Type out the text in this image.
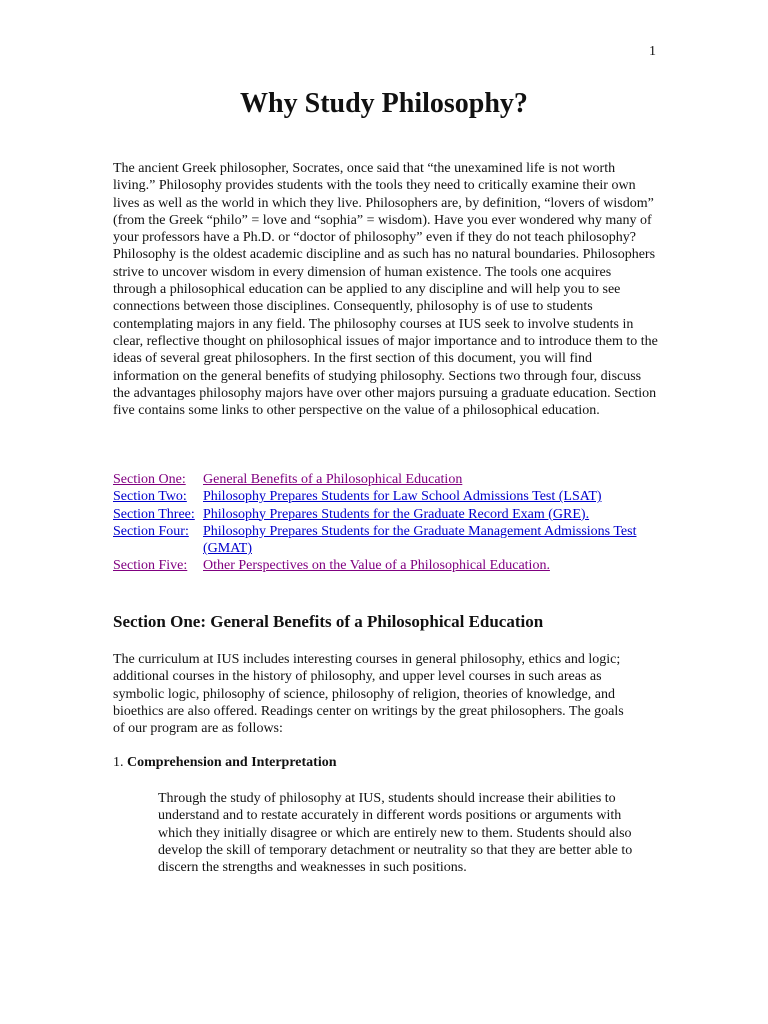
1
Why Study Philosophy?

The ancient Greek philosopher, Socrates, once said that “the unexamined life is not worth living.” Philosophy provides students with the tools they need to critically examine their own lives as well as the world in which they live. Philosophers are, by definition, “lovers of wisdom” (from the Greek “philo” = love and “sophia” = wisdom). Have you ever wondered why many of your professors have a Ph.D. or “doctor of philosophy” even if they do not teach philosophy? Philosophy is the oldest academic discipline and as such has no natural boundaries. Philosophers strive to uncover wisdom in every dimension of human existence. The tools one acquires through a philosophical education can be applied to any discipline and will help you to see connections between those disciplines. Consequently, philosophy is of use to students contemplating majors in any field. The philosophy courses at IUS seek to involve students in clear, reflective thought on philosophical issues of major importance and to introduce them to the ideas of several great philosophers. In the first section of this document, you will find information on the general benefits of studying philosophy. Sections two through four, discuss the advantages philosophy majors have over other majors pursuing a graduate education. Section five contains some links to other perspective on the value of a philosophical education.

Section One:	General Benefits of a Philosophical Education
Section Two:	Philosophy Prepares Students for Law School Admissions Test (LSAT)
Section Three: Philosophy Prepares Students for the Graduate Record Exam (GRE).
Section Four:	Philosophy Prepares Students for the Graduate Management Admissions Test (GMAT)
Section Five:	Other Perspectives on the Value of a Philosophical Education.
Section One: General Benefits of a Philosophical Education

The curriculum at IUS includes interesting courses in general philosophy, ethics and logic; additional courses in the history of philosophy, and upper level courses in such areas as symbolic logic, philosophy of science, philosophy of religion, theories of knowledge, and bioethics are also offered. Readings center on writings by the great philosophers. The goals of our program are as follows:

1. Comprehension and Interpretation

Through the study of philosophy at IUS, students should increase their abilities to understand and to restate accurately in different words positions or arguments with which they initially disagree or which are entirely new to them. Students should also develop the skill of temporary detachment or neutrality so that they are better able to discern the strengths and weaknesses in such positions.
